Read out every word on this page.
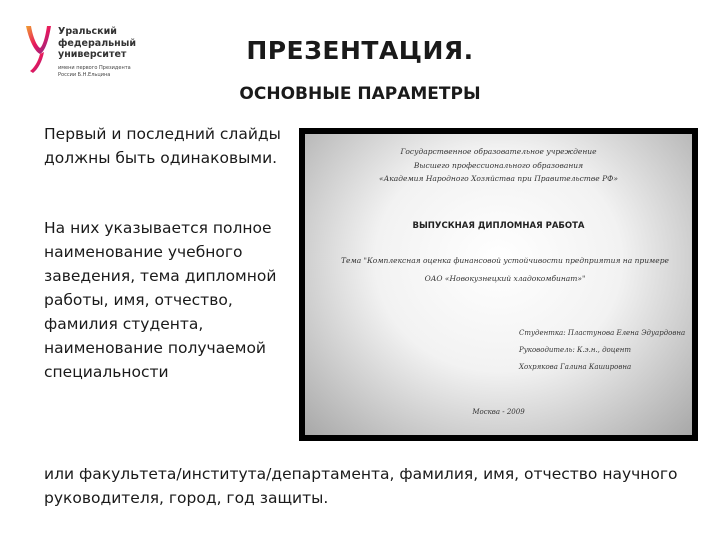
Уральский
федеральный
университет
имени первого Президента
России Б.Н.Ельцина
ПРЕЗЕНТАЦИЯ.
ОСНОВНЫЕ ПАРАМЕТРЫ
Первый и последний слайды должны быть одинаковыми.
На них указывается полное наименование учебного заведения, тема дипломной работы, имя, отчество, фамилия студента, наименование получаемой специальности
или факультета/института/департамента, фамилия, имя, отчество научного руководителя, город, год защиты.
Государственное образовательное учреждение
Высшего профессионального образования
«Академия Народного Хозяйства при Правительстве РФ»
ВЫПУСКНАЯ ДИПЛОМНАЯ РАБОТА
Тема "Комплексная оценка финансовой устойчивости предприятия на примере ОАО «Новокузнецкий хладокомбинат»"
Студентка: Пластунова Елена Эдуардовна
Руководитель: К.э.н., доцент
Хохрякова Галина Кашировна
Москва - 2009
